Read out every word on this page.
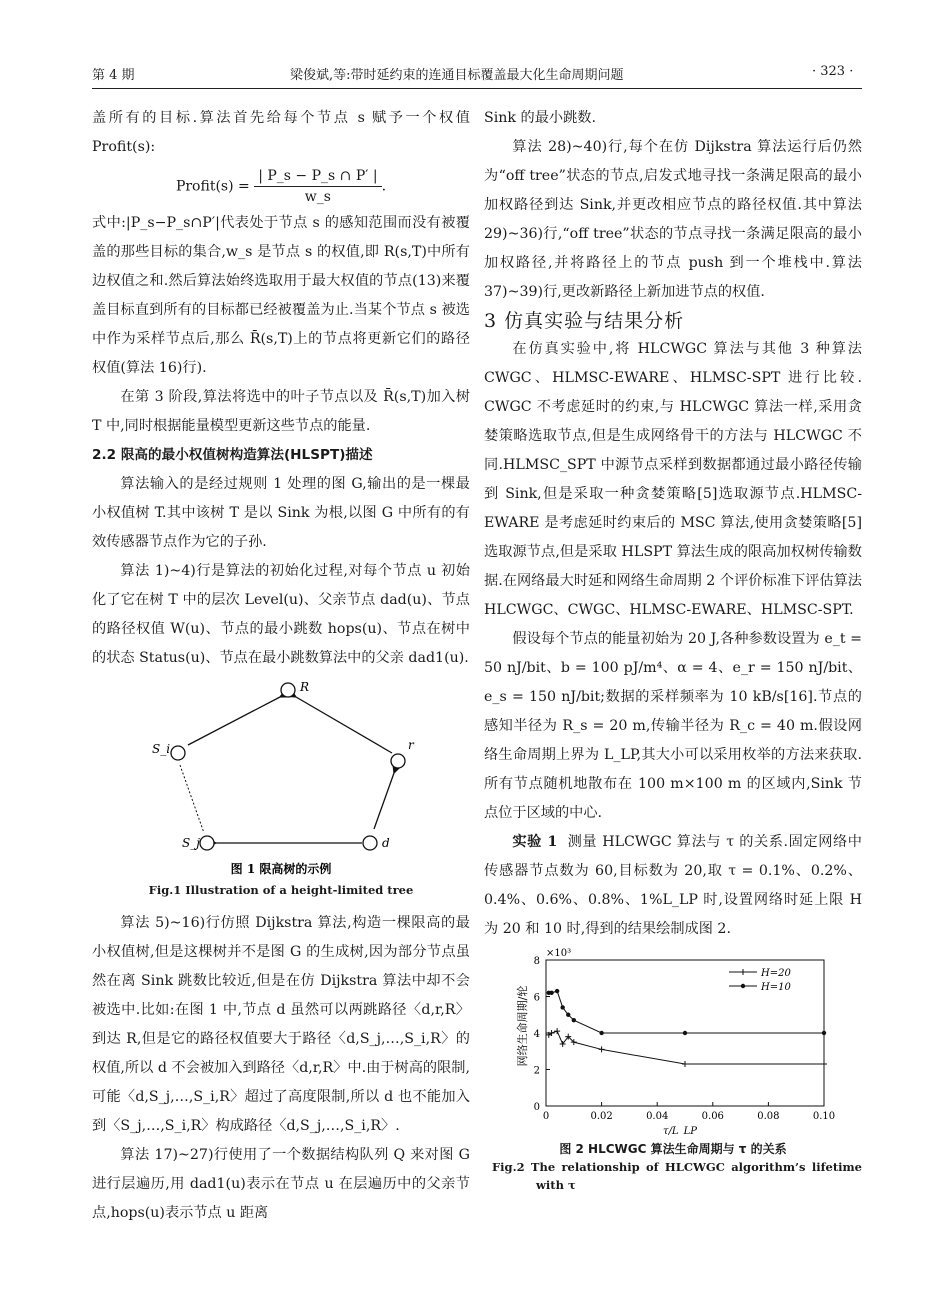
第 4 期	梁俊斌,等:带时延约束的连通目标覆盖最大化生命周期问题	· 323 ·

盖所有的目标.算法首先给每个节点 s 赋予一个权值 Profit(s):

Profit(s) = $\frac{| P\_s - P\_s \cap P' |}{w\_s}$ .

式中:|P_s−P_s∩P′|代表处于节点 s 的感知范围而没有被覆盖的那些目标的集合,w_s 是节点 s 的权值,即 R(s,T)中所有边权值之和.然后算法始终选取用于最大权值的节点(13)来覆盖目标直到所有的目标都已经被覆盖为止.当某个节点 s 被选中作为采样节点后,那么 R̄(s,T)上的节点将更新它们的路径权值(算法 16)行).

在第 3 阶段,算法将选中的叶子节点以及 R̄(s,T)加入树 T 中,同时根据能量模型更新这些节点的能量.

2.2 限高的最小权值树构造算法(HLSPT)描述

算法输入的是经过规则 1 处理的图 G,输出的是一棵最小权值树 T.其中该树 T 是以 Sink 为根,以图 G 中所有的有效传感器节点作为它的子孙.

算法 1)~4)行是算法的初始化过程,对每个节点 u 初始化了它在树 T 中的层次 Level(u)、父亲节点 dad(u)、节点的路径权值 W(u)、节点的最小跳数 hops(u)、节点在树中的状态 Status(u)、节点在最小跳数算法中的父亲 dad1(u).

R
S_i	r
S_j	d
图 1 限高树的示例
Fig.1 Illustration of a height-limited tree

算法 5)~16)行仿照 Dijkstra 算法,构造一棵限高的最小权值树,但是这棵树并不是图 G 的生成树,因为部分节点虽然在离 Sink 跳数比较近,但是在仿 Dijkstra 算法中却不会被选中.比如:在图 1 中,节点 d 虽然可以两跳路径〈d,r,R〉到达 R,但是它的路径权值要大于路径〈d,S_j,…,S_i,R〉的权值,所以 d 不会被加入到路径〈d,r,R〉中.由于树高的限制,可能〈d,S_j,…,S_i,R〉超过了高度限制,所以 d 也不能加入到〈S_j,…,S_i,R〉构成路径〈d,S_j,…,S_i,R〉.

算法 17)~27)行使用了一个数据结构队列 Q 来对图 G 进行层遍历,用 dad1(u)表示在节点 u 在层遍历中的父亲节点,hops(u)表示节点 u 距离

Sink 的最小跳数.

算法 28)~40)行,每个在仿 Dijkstra 算法运行后仍然为“off tree”状态的节点,启发式地寻找一条满足限高的最小加权路径到达 Sink,并更改相应节点的路径权值.其中算法 29)~36)行,“off tree”状态的节点寻找一条满足限高的最小加权路径,并将路径上的节点 push 到一个堆栈中.算法 37)~39)行,更改新路径上新加进节点的权值.

3 仿真实验与结果分析

在仿真实验中,将 HLCWGC 算法与其他 3 种算法 CWGC、HLMSC-EWARE、HLMSC-SPT 进行比较. CWGC 不考虑延时的约束,与 HLCWGC 算法一样,采用贪婪策略选取节点,但是生成网络骨干的方法与 HLCWGC 不同.HLMSC_SPT 中源节点采样到数据都通过最小路径传输到 Sink,但是采取一种贪婪策略[5]选取源节点.HLMSC-EWARE 是考虑延时约束后的 MSC 算法,使用贪婪策略[5]选取源节点,但是采取 HLSPT 算法生成的限高加权树传输数据.在网络最大时延和网络生命周期 2 个评价标准下评估算法 HLCWGC、CWGC、HLMSC-EWARE、HLMSC-SPT.

假设每个节点的能量初始为 20 J,各种参数设置为 e_t = 50 nJ/bit、b = 100 pJ/m⁴、α = 4、e_r = 150 nJ/bit、e_s = 150 nJ/bit;数据的采样频率为 10 kB/s[16].节点的感知半径为 R_s = 20 m,传输半径为 R_c = 40 m.假设网络生命周期上界为 L_LP,其大小可以采用枚举的方法来获取.所有节点随机地散布在 100 m×100 m 的区域内,Sink 节点位于区域的中心.

实验 1 测量 HLCWGC 算法与 τ 的关系.固定网络中传感器节点数为 60,目标数为 20,取 τ = 0.1%、0.2%、0.4%、0.6%、0.8%、1%L_LP 时,设置网络时延上限 H 为 20 和 10 时,得到的结果绘制成图 2.

0	0.02	0.04	0.06	0.08	0.10
0
2
4
6
8
H=20
H=10
网络生命周期/轮
×10³
τ/L_LP
图 2 HLCWGC 算法生命周期与 τ 的关系
Fig.2 The relationship of HLCWGC algorithm’s lifetime with τ
